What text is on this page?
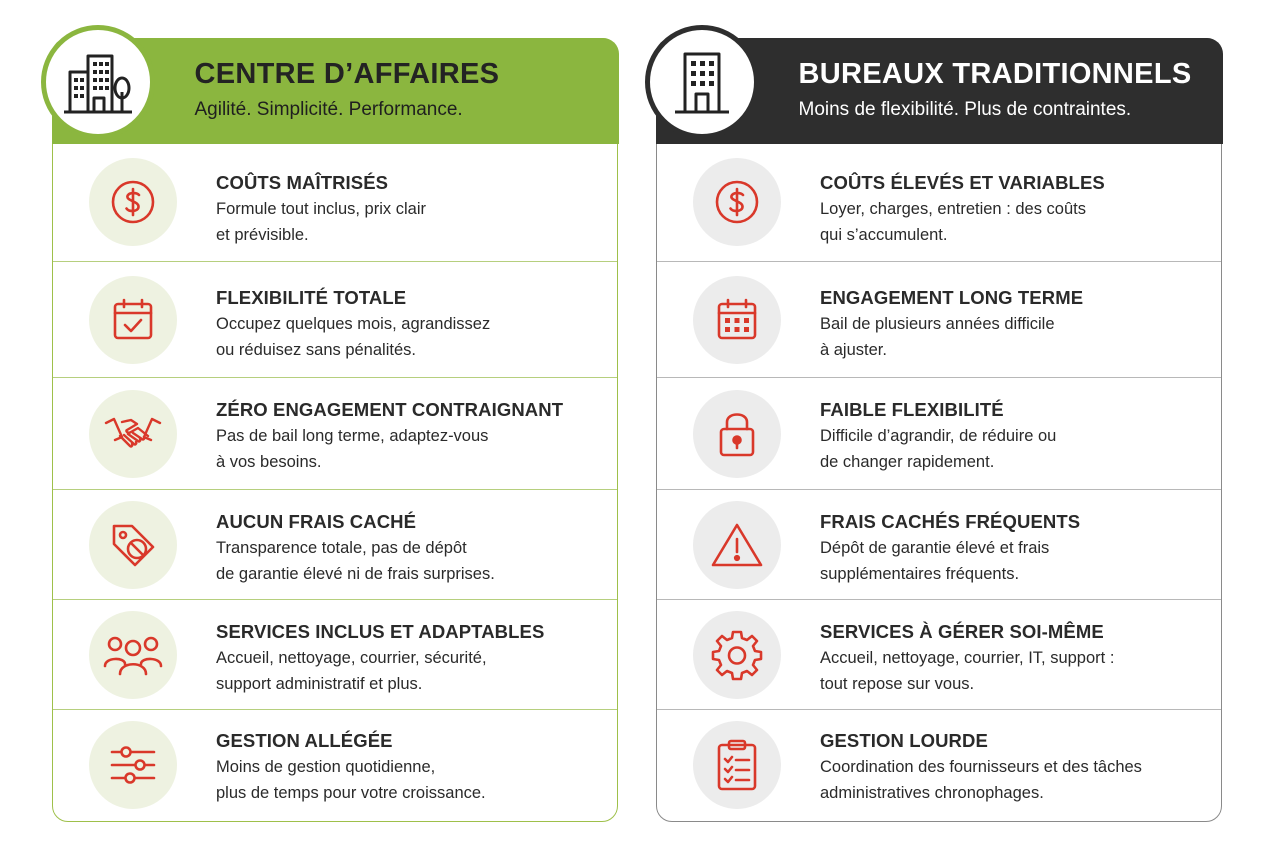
CENTRE D’AFFAIRES
Agilité. Simplicité. Performance.
COÛTS MAÎTRISÉS
Formule tout inclus, prix clair
et prévisible.
FLEXIBILITÉ TOTALE
Occupez quelques mois, agrandissez
ou réduisez sans pénalités.
ZÉRO ENGAGEMENT CONTRAIGNANT
Pas de bail long terme, adaptez-vous
à vos besoins.
AUCUN FRAIS CACHÉ
Transparence totale, pas de dépôt
de garantie élevé ni de frais surprises.
SERVICES INCLUS ET ADAPTABLES
Accueil, nettoyage, courrier, sécurité,
support administratif et plus.
GESTION ALLÉGÉE
Moins de gestion quotidienne,
plus de temps pour votre croissance.
BUREAUX TRADITIONNELS
Moins de flexibilité. Plus de contraintes.
COÛTS ÉLEVÉS ET VARIABLES
Loyer, charges, entretien : des coûts
qui s’accumulent.
ENGAGEMENT LONG TERME
Bail de plusieurs années difficile
à ajuster.
FAIBLE FLEXIBILITÉ
Difficile d’agrandir, de réduire ou
de changer rapidement.
FRAIS CACHÉS FRÉQUENTS
Dépôt de garantie élevé et frais
supplémentaires fréquents.
SERVICES À GÉRER SOI-MÊME
Accueil, nettoyage, courrier, IT, support :
tout repose sur vous.
GESTION LOURDE
Coordination des fournisseurs et des tâches
administratives chronophages.
